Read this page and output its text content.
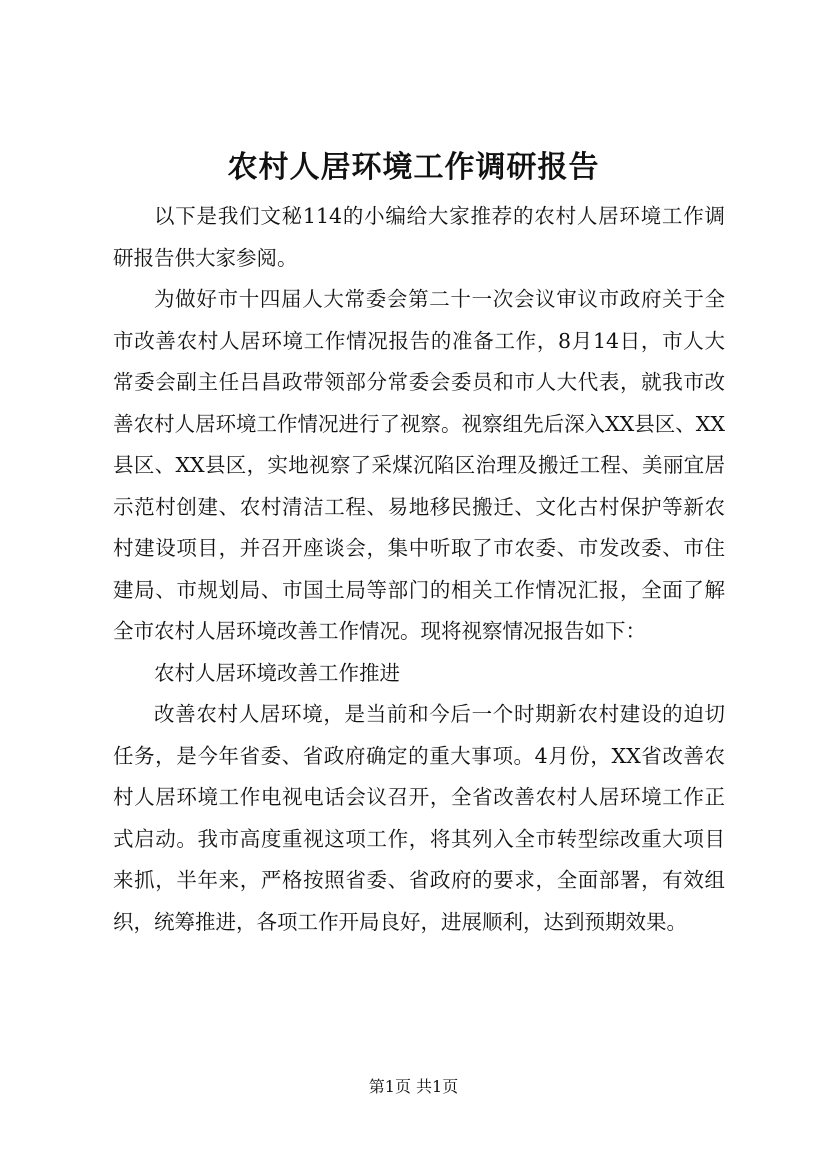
农村人居环境工作调研报告

以下是我们文秘114的小编给大家推荐的农村人居环境工作调研报告供大家参阅。

为做好市十四届人大常委会第二十一次会议审议市政府关于全市改善农村人居环境工作情况报告的准备工作，8月14日，市人大常委会副主任吕昌政带领部分常委会委员和市人大代表，就我市改善农村人居环境工作情况进行了视察。视察组先后深入XX县区、XX县区、XX县区，实地视察了采煤沉陷区治理及搬迁工程、美丽宜居示范村创建、农村清洁工程、易地移民搬迁、文化古村保护等新农村建设项目，并召开座谈会，集中听取了市农委、市发改委、市住建局、市规划局、市国土局等部门的相关工作情况汇报，全面了解全市农村人居环境改善工作情况。现将视察情况报告如下：

农村人居环境改善工作推进

改善农村人居环境，是当前和今后一个时期新农村建设的迫切任务，是今年省委、省政府确定的重大事项。4月份，XX省改善农村人居环境工作电视电话会议召开，全省改善农村人居环境工作正式启动。我市高度重视这项工作，将其列入全市转型综改重大项目来抓，半年来，严格按照省委、省政府的要求，全面部署，有效组织，统筹推进，各项工作开局良好，进展顺利，达到预期效果。

第1页 共1页
